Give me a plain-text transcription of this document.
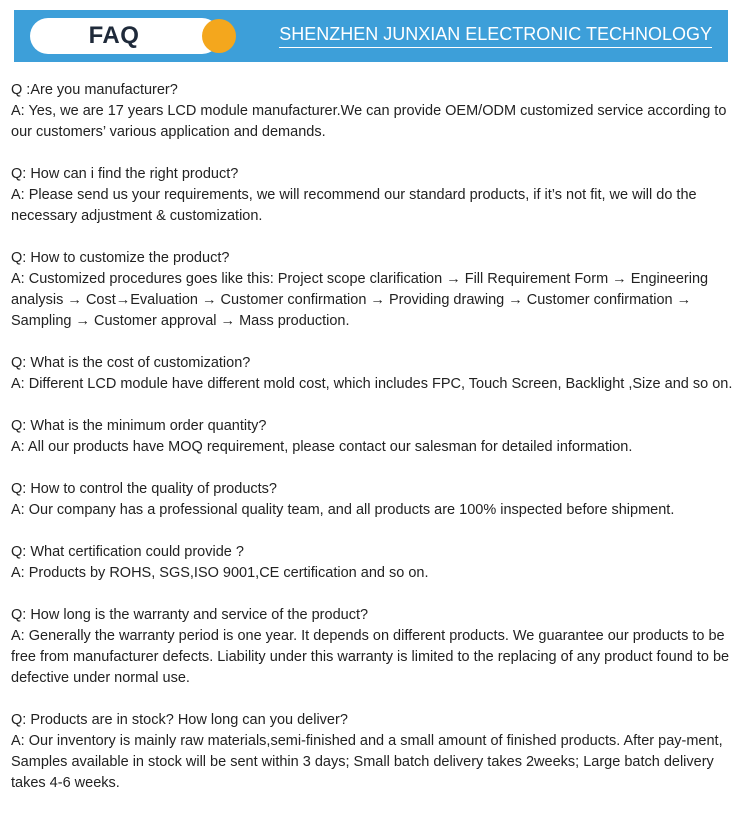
FAQ	SHENZHEN JUNXIAN ELECTRONIC TECHNOLOGY

Q :Are you manufacturer?

A: Yes, we are 17 years LCD module manufacturer.We can provide OEM/ODM customized service according to our customers’ various application and demands.

Q: How can i find the right product?

A: Please send us your requirements, we will recommend our standard products, if it’s not fit, we will do the necessary adjustment & customization.

Q: How to customize the product?

A: Customized procedures goes like this: Project scope clarification → Fill Requirement Form → Engineering analysis → Cost→Evaluation → Customer confirmation → Providing drawing → Customer confirmation → Sampling → Customer approval → Mass production.

Q: What is the cost of customization?

A: Different LCD module have different mold cost, which includes FPC, Touch Screen, Backlight ,Size and so on.

Q: What is the minimum order quantity?

A: All our products have MOQ requirement, please contact our salesman for detailed information.

Q: How to control the quality of products?

A: Our company has a professional quality team, and all products are 100% inspected before shipment.

Q: What certification could provide ?

A: Products by ROHS, SGS,ISO 9001,CE certification and so on.

Q: How long is the warranty and service of the product?

A: Generally the warranty period is one year. It depends on different products. We guarantee our products to be free from manufacturer defects. Liability under this warranty is limited to the replacing of any product found to be defective under normal use.

Q: Products are in stock? How long can you deliver?

A: Our inventory is mainly raw materials,semi-finished and a small amount of finished products. After pay-ment, Samples available in stock will be sent within 3 days; Small batch delivery takes 2weeks; Large batch delivery takes 4-6 weeks.
